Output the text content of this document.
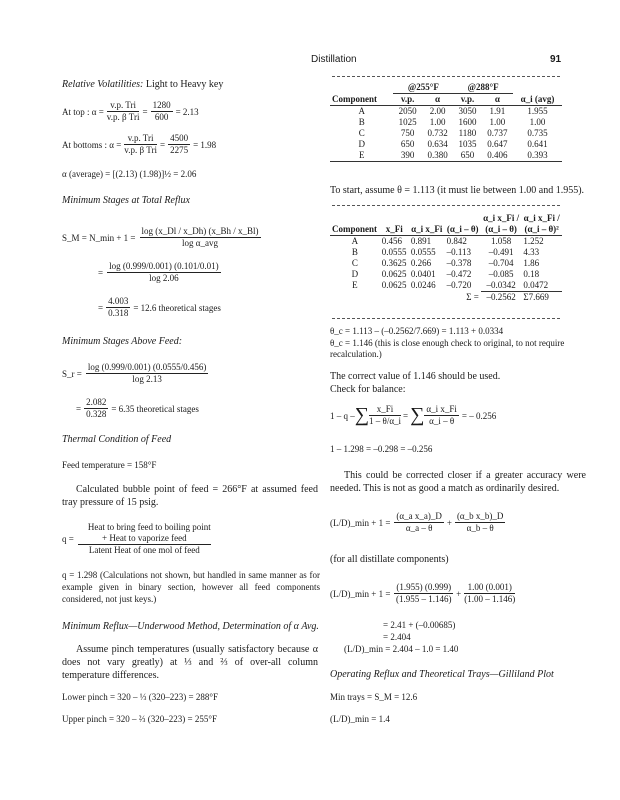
Distillation	91
Relative Volatilities: Light to Heavy key
At top : $\alpha = \frac{\text{v.p. Tri}}{\text{v.p. β Tri}} = \frac{1280}{600} = 2.13$
At bottoms : $\alpha = \frac{\text{v.p. Tri}}{\text{v.p. β Tri}} = \frac{4500}{2275} = 1.98$
α (average) = [(2.13) (1.98)]½ = 2.06
Minimum Stages at Total Reflux
S_M = N_min + $1 = \frac{\log (x\_Dl / x\_Dh) (x\_Bh / x\_Bl)}{\text{log α\_avg}}$
= $\frac{\log (0.999/0.001) (0.101/0.01)}{\log 2.06}$
= $\frac{4.003}{0.318} = 12.6$ theoretical stages
Minimum Stages Above Feed:
S_r = $\frac{\log (0.999/0.001) (0.0555/0.456)}{\log 2.13}$
= $\frac{2.082}{0.328} = 6.35$ theoretical stages
Thermal Condition of Feed
Feed temperature = 158°F
Calculated bubble point of feed = 266°F at assumed feed tray pressure of 15 psig.
q =
Heat to bring feed to boiling point
+ Heat to vaporize feed
Latent Heat of one mol of feed
q = 1.298 (Calculations not shown, but handled in same manner as for example given in binary section, however all feed components considered, not just keys.)
Minimum Reflux—Underwood Method, Determination of α Avg.
Assume pinch temperatures (usually satisfactory because α does not vary greatly) at ⅓ and ⅔ of over-all column temperature differences.
Lower pinch = 320 – ⅓ (320–223) = 288°F
Upper pinch = 320 – ⅔ (320–223) = 255°F
	@255°F		@288°F		
Component	v.p.	α	v.p.	α	α_i (avg)
A	2050	2.00	3050	1.91	1.955
B	1025	1.00	1600	1.00	1.00
C	750	0.732	1180	0.737	0.735
D	650	0.634	1035	0.647	0.641
E	390	0.380	650	0.406	0.393
To start, assume θ = 1.113 (it must lie between 1.00 and 1.955).
				α_i x_Fi /	α_i x_Fi /
Component	x_Fi	α_i x_Fi	(α_i – θ)	(α_i – θ)	(α_i – θ)²
A	0.456	0.891	0.842	1.058	1.252
B	0.0555	0.0555	–0.113	–0.491	4.33
C	0.3625	0.266	–0.378	–0.704	1.86
D	0.0625	0.0401	–0.472	–0.085	0.18
E	0.0625	0.0246	–0.720	–0.0342	0.0472
			Σ =	–0.2562	Σ7.669
θ_c = 1.113 – (–0.2562/7.669) = 1.113 + 0.0334
θ_c = 1.146 (this is close enough check to original, to not require recalculation.)
The correct value of 1.146 should be used.
Check for balance:
1 – q – ∑ $\frac{x\_Fi}{1 - \theta/\alpha\_i}$ = ∑ $\frac{\text{α\_i x\_Fi}}{\alpha\_i - \theta}$ = – 0.256
1 – 1.298 = –0.298 = –0.256
This could be corrected closer if a greater accuracy were needed. This is not as good a match as ordinarily desired.
(L/D)_min + $1 = \frac{\text{(α\_a x\_a)\_D}}{\alpha\_a - \theta} + \frac{\text{(α\_b x\_b)\_D}}{\alpha\_b - \theta}$
(for all distillate components)
(L/D)_min + $1 = \frac{(1.955) (0.999)}{(1.955 - 1.146)} + \frac{1.00 (0.001)}{(1.00 - 1.146)}$
= 2.41 + (–0.00685)
= 2.404
(L/D)_min = 2.404 – 1.0 = 1.40
Operating Reflux and Theoretical Trays—Gilliland Plot
Min trays = S_M = 12.6
(L/D)_min = 1.4
